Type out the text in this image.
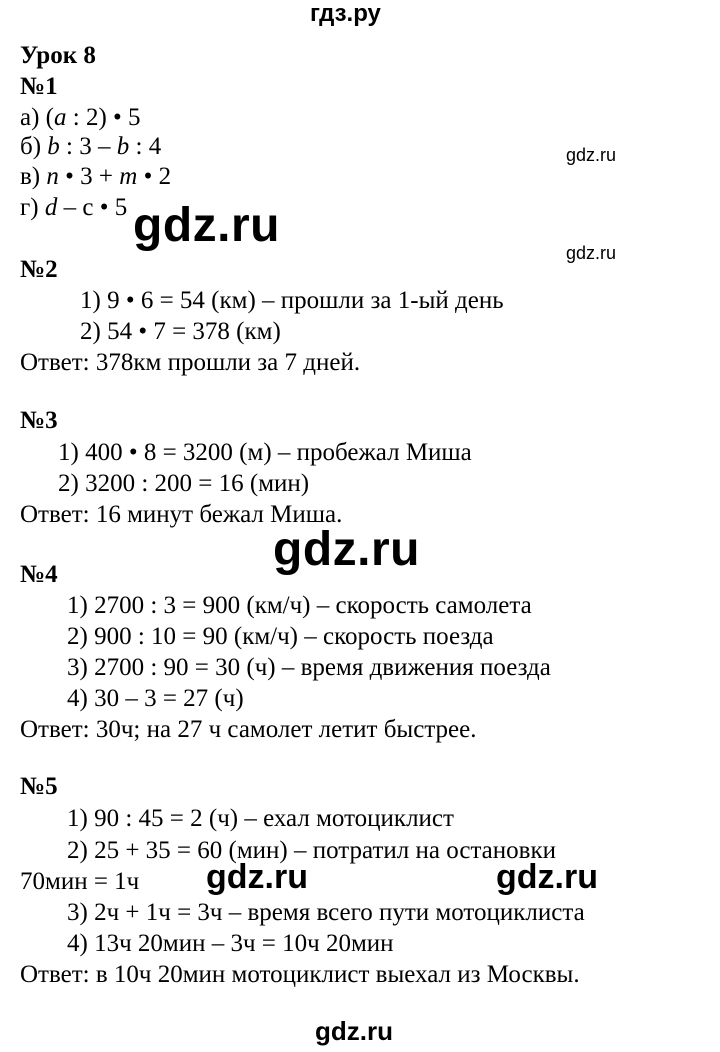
гдз.ру
Урок 8
№1
а) (a : 2) • 5
б) b : 3 – b : 4
в) n • 3 + m • 2
г) d – с • 5
gdz.ru
gdz.ru
gdz.ru
№2
1) 9 • 6 = 54 (км) – прошли за 1-ый день
2) 54 • 7 = 378 (км)
Ответ: 378км прошли за 7 дней.
№3
1) 400 • 8 = 3200 (м) – пробежал Миша
2) 3200 : 200 = 16 (мин)
Ответ: 16 минут бежал Миша.
gdz.ru
№4
1) 2700 : 3 = 900 (км/ч) – скорость самолета
2) 900 : 10 = 90 (км/ч) – скорость поезда
3) 2700 : 90 = 30 (ч) – время движения поезда
4) 30 – 3 = 27 (ч)
Ответ: 30ч; на 27 ч самолет летит быстрее.
№5
1) 90 : 45 = 2 (ч) – ехал мотоциклист
2) 25 + 35 = 60 (мин) – потратил на остановки
70мин = 1ч gdz.ru	gdz.ru
3) 2ч + 1ч = 3ч – время всего пути мотоциклиста
4) 13ч 20мин – 3ч = 10ч 20мин
Ответ: в 10ч 20мин мотоциклист выехал из Москвы.
gdz.ru
